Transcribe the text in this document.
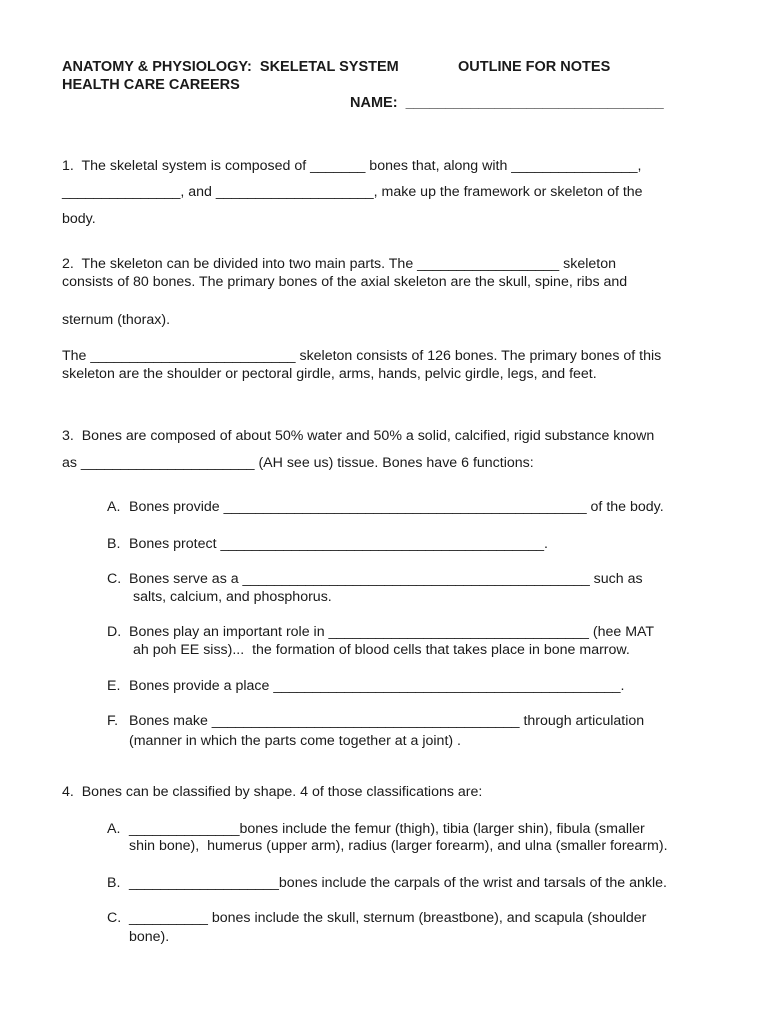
ANATOMY & PHYSIOLOGY:  SKELETAL SYSTEM	OUTLINE FOR NOTES
HEALTH CARE CAREERS
NAME:  ________________________________
1.  The skeletal system is composed of _______ bones that, along with ________________,
_______________, and ____________________, make up the framework or skeleton of the
body.
2.  The skeleton can be divided into two main parts. The __________________ skeleton
consists of 80 bones. The primary bones of the axial skeleton are the skull, spine, ribs and
sternum (thorax).
The __________________________ skeleton consists of 126 bones. The primary bones of this
skeleton are the shoulder or pectoral girdle, arms, hands, pelvic girdle, legs, and feet.
3.  Bones are composed of about 50% water and 50% a solid, calcified, rigid substance known
as ______________________ (AH see us) tissue. Bones have 6 functions:
A. Bones provide ______________________________________________ of the body.
B. Bones protect _________________________________________.
C. Bones serve as a ____________________________________________ such as
salts, calcium, and phosphorus.
D. Bones play an important role in _________________________________ (hee MAT
ah poh EE siss)...  the formation of blood cells that takes place in bone marrow.
E. Bones provide a place ____________________________________________.
F. Bones make _______________________________________ through articulation
(manner in which the parts come together at a joint) .
4.  Bones can be classified by shape. 4 of those classifications are:
A. ______________bones include the femur (thigh), tibia (larger shin), fibula (smaller
shin bone),  humerus (upper arm), radius (larger forearm), and ulna (smaller forearm).
B. ___________________bones include the carpals of the wrist and tarsals of the ankle.
C. __________ bones include the skull, sternum (breastbone), and scapula (shoulder
bone).
